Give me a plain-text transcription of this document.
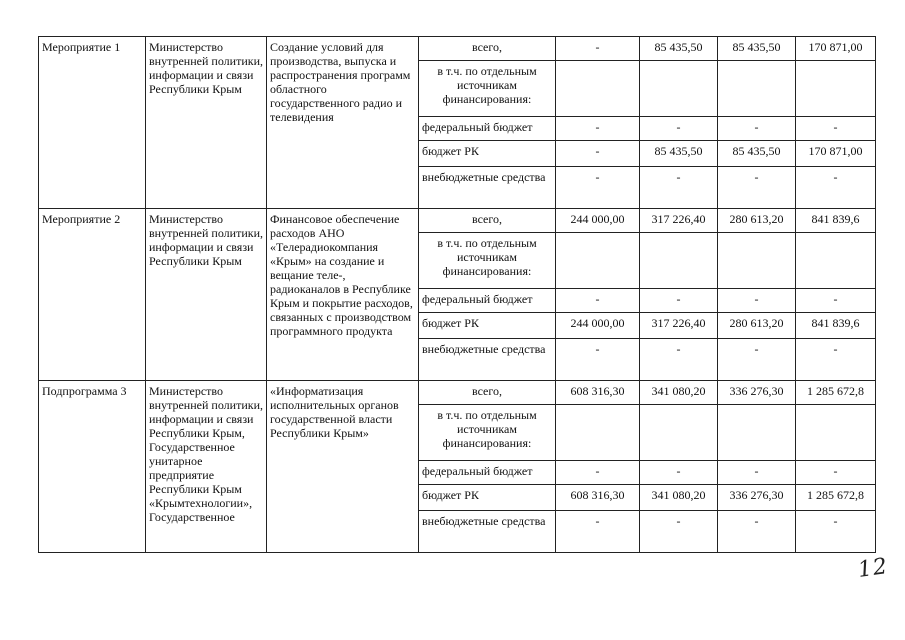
Мероприятие 1	Министерство внутренней политики, информации и связи Республики Крым	Создание условий для производства, выпуска и распространения программ областного государственного радио и телевидения	всего,	-	85 435,50	85 435,50	170 871,00
			в т.ч. по отдельным источникам финансирования:				
			федеральный бюджет	-	-	-	-
			бюджет РК	-	85 435,50	85 435,50	170 871,00
			внебюджетные средства	-	-	-	-
Мероприятие 2	Министерство внутренней политики, информации и связи Республики Крым	Финансовое обеспечение расходов АНО «Телерадиокомпания «Крым» на создание и вещание теле-, радиоканалов в Республике Крым и покрытие расходов, связанных с производством программного продукта	всего,	244 000,00	317 226,40	280 613,20	841 839,6
			в т.ч. по отдельным источникам финансирования:				
			федеральный бюджет	-	-	-	-
			бюджет РК	244 000,00	317 226,40	280 613,20	841 839,6
			внебюджетные средства	-	-	-	-
Подпрограмма 3	Министерство внутренней политики, информации и связи Республики Крым, Государственное унитарное предприятие Республики Крым «Крымтехнологии», Государственное	«Информатизация исполнительных органов государственной власти Республики Крым»	всего,	608 316,30	341 080,20	336 276,30	1 285 672,8
			в т.ч. по отдельным источникам финансирования:				
			федеральный бюджет	-	-	-	-
			бюджет РК	608 316,30	341 080,20	336 276,30	1 285 672,8
			внебюджетные средства	-	-	-	-
12
